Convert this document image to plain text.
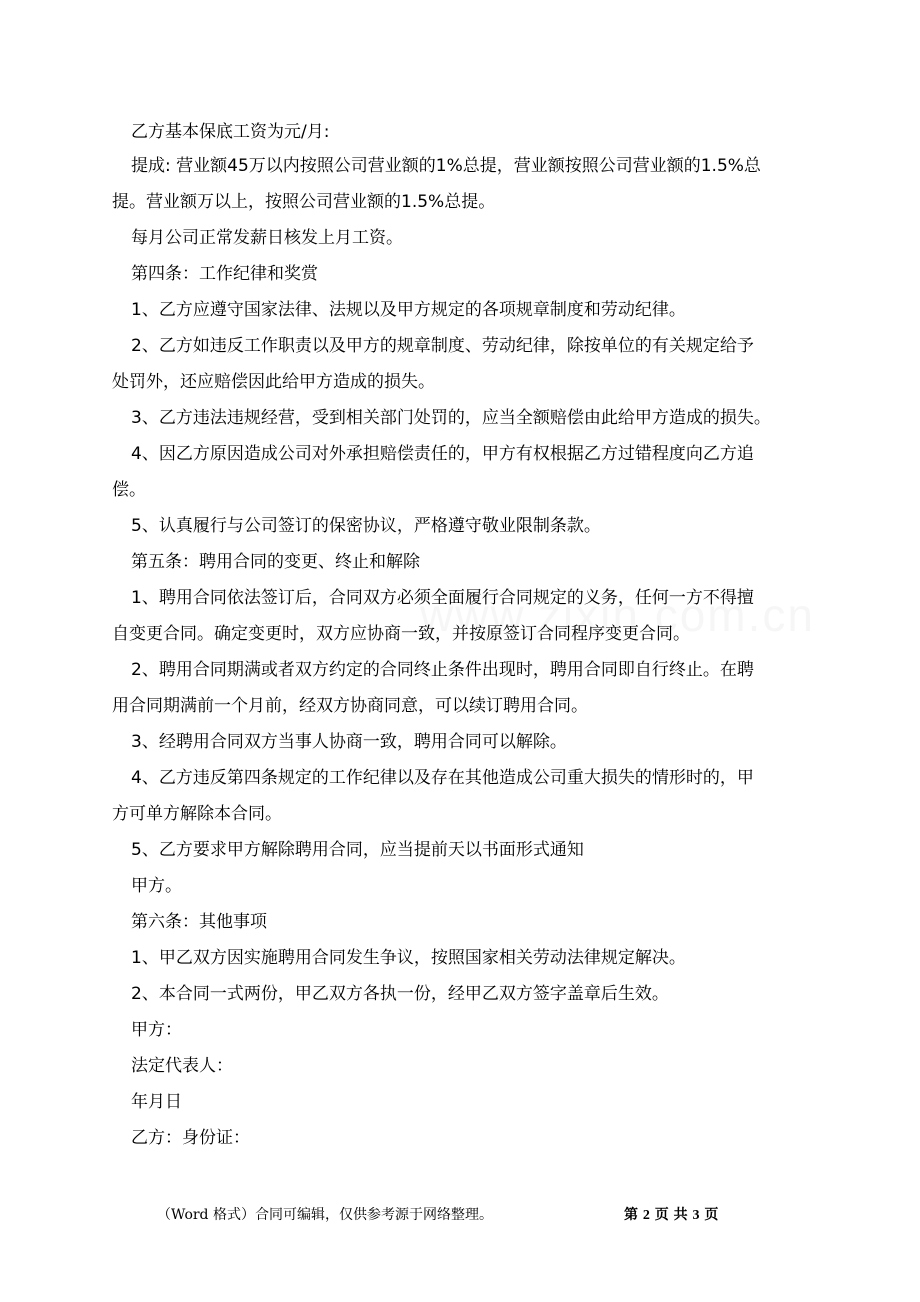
乙方基本保底工资为元/月:
提成: 营业额45万以内按照公司营业额的1%总提，营业额按照公司营业额的1.5%总
提。营业额万以上，按照公司营业额的1.5%总提。
每月公司正常发薪日核发上月工资。
第四条：工作纪律和奖赏
1、乙方应遵守国家法律、法规以及甲方规定的各项规章制度和劳动纪律。
2、乙方如违反工作职责以及甲方的规章制度、劳动纪律，除按单位的有关规定给予
处罚外，还应赔偿因此给甲方造成的损失。
3、乙方违法违规经营，受到相关部门处罚的，应当全额赔偿由此给甲方造成的损失。
4、因乙方原因造成公司对外承担赔偿责任的，甲方有权根据乙方过错程度向乙方追
偿。
5、认真履行与公司签订的保密协议，严格遵守敬业限制条款。
第五条：聘用合同的变更、终止和解除
1、聘用合同依法签订后，合同双方必须全面履行合同规定的义务，任何一方不得擅
自变更合同。确定变更时，双方应协商一致，并按原签订合同程序变更合同。
2、聘用合同期满或者双方约定的合同终止条件出现时，聘用合同即自行终止。在聘
用合同期满前一个月前，经双方协商同意，可以续订聘用合同。
3、经聘用合同双方当事人协商一致，聘用合同可以解除。
4、乙方违反第四条规定的工作纪律以及存在其他造成公司重大损失的情形时的，甲
方可单方解除本合同。
5、乙方要求甲方解除聘用合同，应当提前天以书面形式通知
甲方。
第六条：其他事项
1、甲乙双方因实施聘用合同发生争议，按照国家相关劳动法律规定解决。
2、本合同一式两份，甲乙双方各执一份，经甲乙双方签字盖章后生效。
甲方：
法定代表人：
年月日
乙方：身份证：
（Word 格式）合同可编辑，仅供参考源于网络整理。	第 2 页 共 3 页
